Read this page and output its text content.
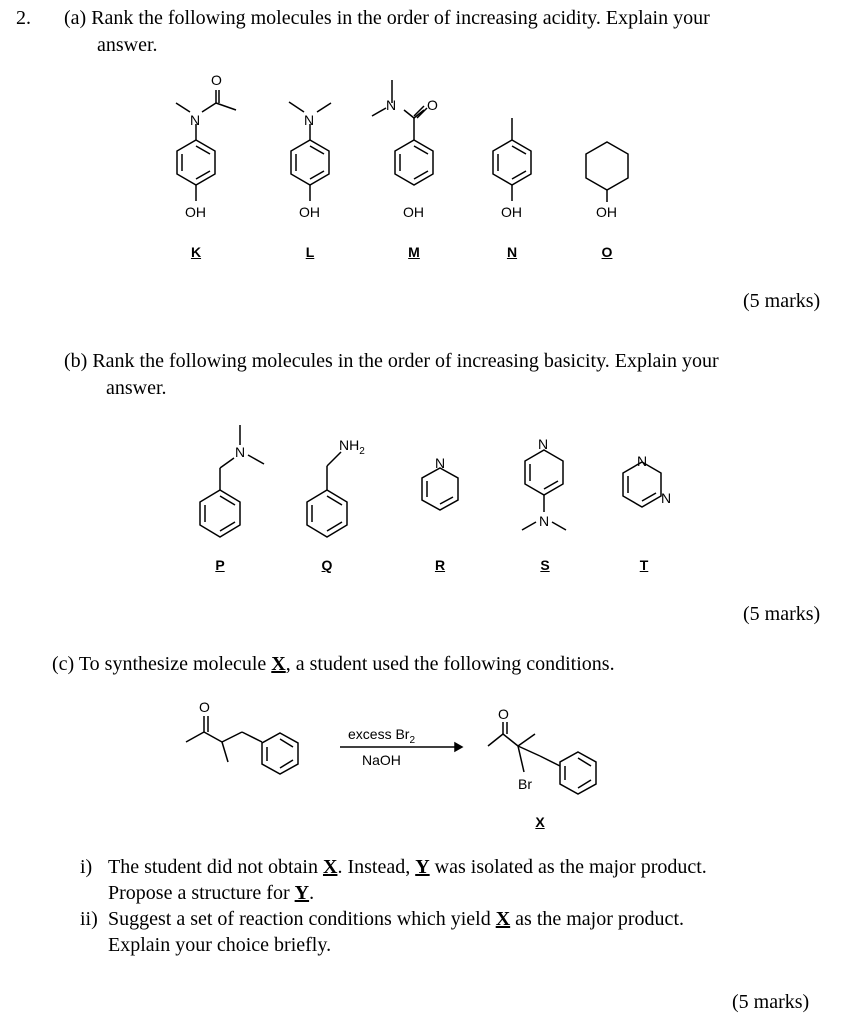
2. (a) Rank the following molecules in the order of increasing acidity. Explain your
answer.
N
O
OH
K
N
OH
L
N O
OH
M
OH
N
OH
O
(5 marks)
(b) Rank the following molecules in the order of increasing basicity. Explain your
answer.
N	$NH_2$
N
N
N
N
N
P	Q	R	S	T
(5 marks)
(c) To synthesize molecule X, a student used the following conditions.
O
excess $Br_2$
NaOH
O
Br
X
i) The student did not obtain X. Instead, Y was isolated as the major product.
Propose a structure for Y.
ii) Suggest a set of reaction conditions which yield X as the major product.
Explain your choice briefly.
(5 marks)
